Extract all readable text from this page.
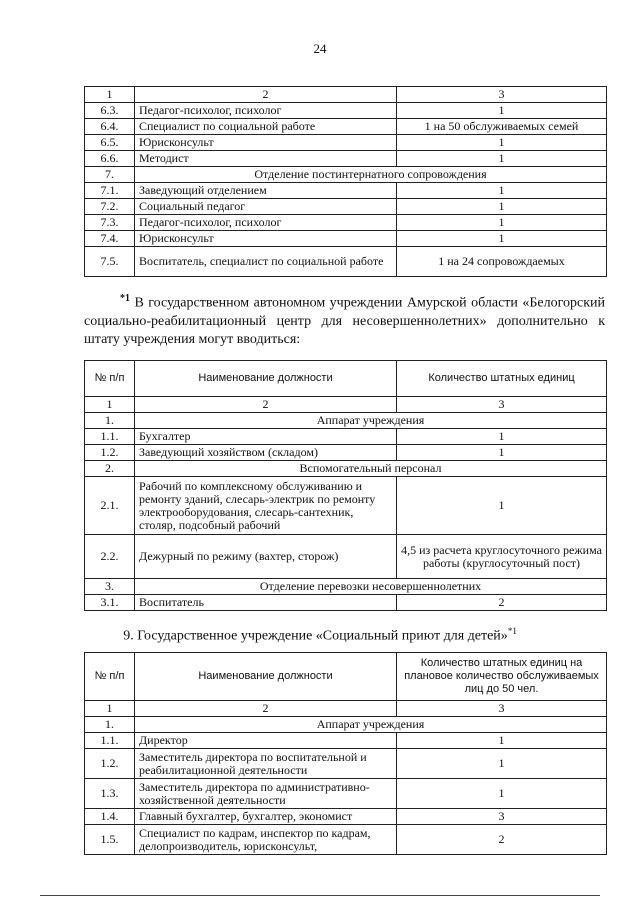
24
1	2	3
6.3.	Педагог-психолог, психолог	1
6.4.	Специалист по социальной работе	1 на 50 обслуживаемых семей
6.5.	Юрисконсульт	1
6.6.	Методист	1
7.	Отделение постинтернатного сопровождения	
7.1.	Заведующий отделением	1
7.2.	Социальный педагог	1
7.3.	Педагог-психолог, психолог	1
7.4.	Юрисконсульт	1
7.5.	Воспитатель, специалист по социальной работе	1 на 24 сопровождаемых
$^{*1}$ В государственном автономном учреждении Амурской области «Белогорский социально-реабилитационный центр для несовершеннолетних» дополнительно к штату учреждения могут вводиться:
№ п/п	Наименование должности	Количество штатных единиц
1	2	3
1.	Аппарат учреждения	
1.1.	Бухгалтер	1
1.2.	Заведующий хозяйством (складом)	1
2.	Вспомогательный персонал	
2.1.	Рабочий по комплексному обслуживанию и ремонту зданий, слесарь-электрик по ремонту электрооборудования, слесарь-сантехник, столяр, подсобный рабочий	1
2.2.	Дежурный по режиму (вахтер, сторож)	4,5 из расчета круглосуточного режима работы (круглосуточный пост)
3.	Отделение перевозки несовершеннолетних	
3.1.	Воспитатель	2
9. Государственное учреждение «Социальный приют для детей»$^{*1}$
№ п/п	Наименование должности	Количество штатных единиц на плановое количество обслуживаемых лиц до 50 чел.
1	2	3
1.	Аппарат учреждения	
1.1.	Директор	1
1.2.	Заместитель директора по воспитательной и реабилитационной деятельности	1
1.3.	Заместитель директора по административно-хозяйственной деятельности	1
1.4.	Главный бухгалтер, бухгалтер, экономист	3
1.5.	Специалист по кадрам, инспектор по кадрам, делопроизводитель, юрисконсульт,	2
